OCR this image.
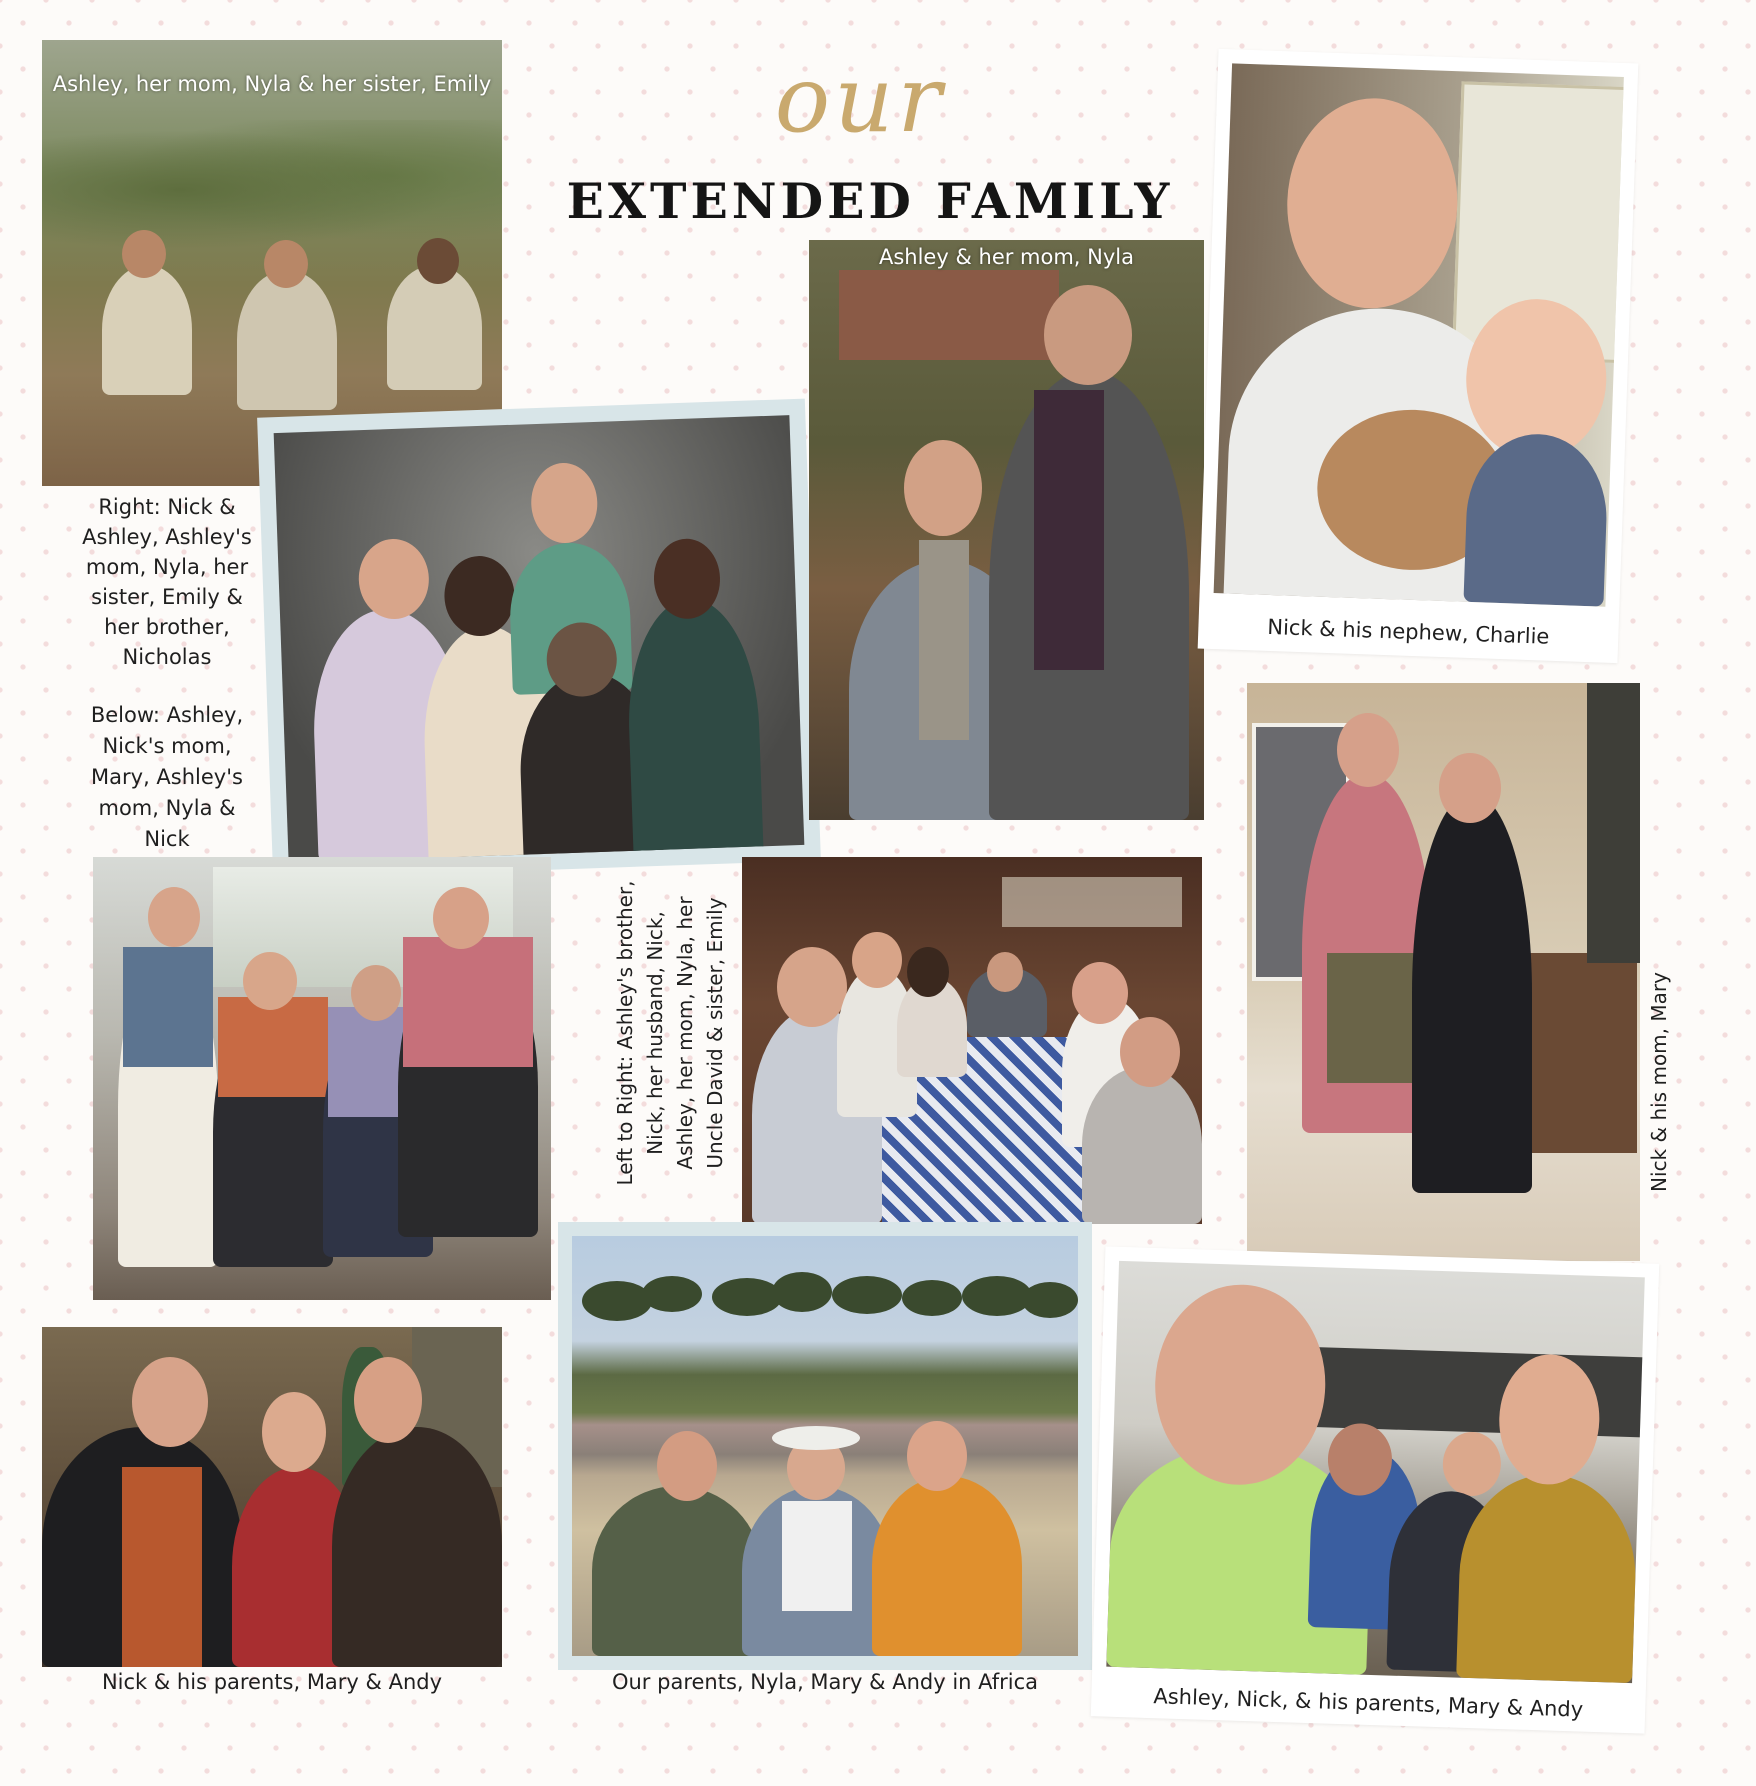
our
EXTENDED FAMILY
Ashley, her mom, Nyla & her sister, Emily
Right: Nick &
Ashley, Ashley's
mom, Nyla, her
sister, Emily &
her brother,
Nicholas
Below: Ashley,
Nick's mom,
Mary, Ashley's
mom, Nyla &
Nick
Ashley & her mom, Nyla
Nick & his nephew, Charlie
Left to Right: Ashley's brother, Nick, her husband, Nick, Ashley, her mom, Nyla, her Uncle David & sister, Emily	Nick & his mom, Mary
Nick & his parents, Mary & Andy	Our parents, Nyla, Mary & Andy in Africa
Ashley, Nick, & his parents, Mary & Andy
